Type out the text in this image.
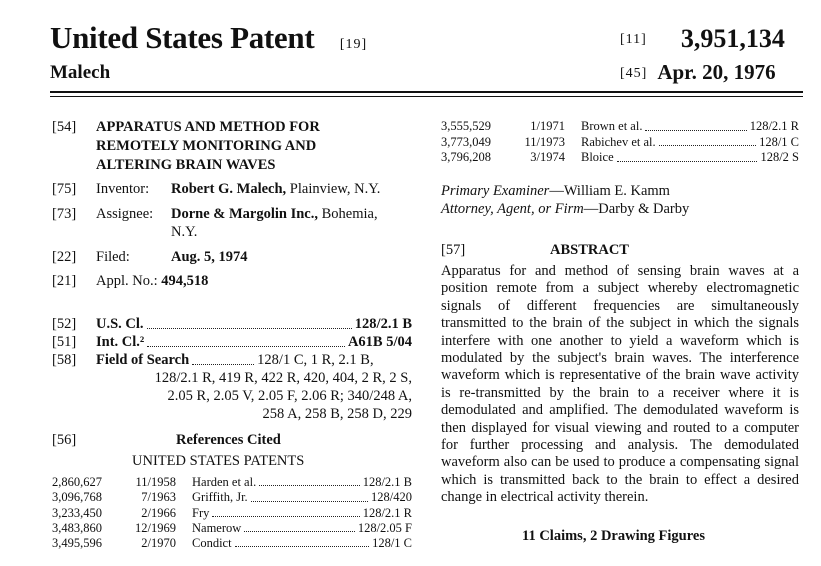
United States Patent [19]
Malech
[11] 3,951,134
[45] Apr. 20, 1976
[54] APPARATUS AND METHOD FOR
REMOTELY MONITORING AND
ALTERING BRAIN WAVES
[75] Inventor: Robert G. Malech, Plainview, N.Y.
[73] Assignee: Dorne & Margolin Inc., Bohemia,
N.Y.
[22] Filed:	Aug. 5, 1974
[21] Appl. No.: 494,518
[52]	U.S. Cl.	128/2.1 B
[51]	Int. Cl.²	A61B 5/04
[58]	Field of Search	128/1 C, 1 R, 2.1 B,
128/2.1 R, 419 R, 422 R, 420, 404, 2 R, 2 S,
2.05 R, 2.05 V, 2.05 F, 2.06 R; 340/248 A,
258 A, 258 B, 258 D, 229
[56]	References Cited
UNITED STATES PATENTS
2,860,627	11/1958	Harden et al.	128/2.1 B
3,096,768	7/1963	Griffith, Jr.	128/420
3,233,450	2/1966	Fry	128/2.1 R
3,483,860	12/1969	Namerow	128/2.05 F
3,495,596	2/1970	Condict	128/1 C
3,555,529	1/1971	Brown et al.	128/2.1 R
3,773,049	11/1973	Rabichev et al.	128/1 C
3,796,208	3/1974	Bloice	128/2 S
Primary Examiner—William E. Kamm
Attorney, Agent, or Firm—Darby & Darby
[57]	ABSTRACT
Apparatus for and method of sensing brain waves at a position remote from a subject whereby electromagnetic signals of different frequencies are simultaneously transmitted to the brain of the subject in which the signals interfere with one another to yield a waveform which is modulated by the subject's brain waves. The interference waveform which is representative of the brain wave activity is re-transmitted by the brain to a receiver where it is demodulated and amplified. The demodulated waveform is then displayed for visual viewing and routed to a computer for further processing and analysis. The demodulated waveform also can be used to produce a compensating signal which is transmitted back to the brain to effect a desired change in electrical activity therein.
11 Claims, 2 Drawing Figures
